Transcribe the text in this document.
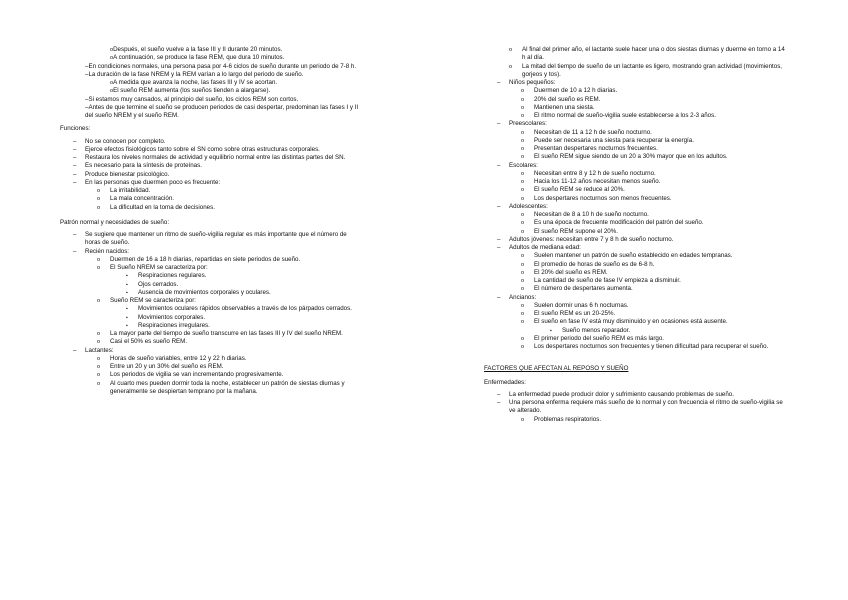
oDespués, el sueño vuelve a la fase III y II durante 20 minutos.
oA continuación, se produce la fase REM, que dura 10 minutos.
–En condiciones normales, una persona pasa por 4-6 ciclos de sueño durante un periodo de 7-8 h.
–La duración de la fase NREM y la REM varían a lo largo del periodo de sueño.
oA medida que avanza la noche, las fases III y IV se acortan.
oEl sueño REM aumenta (los sueños tienden a alargarse).
–Si estamos muy cansados, al principio del sueño, los ciclos REM son cortos.
–Antes de que termine el sueño se producen periodos de casi despertar, predominan las fases I y II del sueño NREM y el sueño REM.
Funciones:
– No se conocen por completo.
– Ejerce efectos fisiológicos tanto sobre el SN como sobre otras estructuras corporales.
– Restaura los niveles normales de actividad y equilibrio normal entre las distintas partes del SN.
– Es necesario para la síntesis de proteínas.
– Produce bienestar psicológico.
– En las personas que duermen poco es frecuente:
o La irritabilidad.
o La mala concentración.
o La dificultad en la toma de decisiones.
Patrón normal y necesidades de sueño:
– Se sugiere que mantener un ritmo de sueño-vigilia regular es más importante que el número de horas de sueño.
– Recién nacidos:
o Duermen de 16 a 18 h diarias, repartidas en siete periodos de sueño.
o El Sueño NREM se caracteriza por:
▪ Respiraciones regulares.
▪ Ojos cerrados.
▪ Ausencia de movimientos corporales y oculares.
o Sueño REM se caracteriza por:
▪ Movimientos oculares rápidos observables a través de los párpados cerrados.
▪ Movimientos corporales.
▪ Respiraciones irregulares.
o La mayor parte del tiempo de sueño transcurre en las fases III y IV del sueño NREM.
o Casi el 50% es sueño REM.
– Lactantes:
o Horas de sueño variables, entre 12 y 22 h diarias.
o Entre un 20 y un 30% del sueño es REM.
o Los periodos de vigilia se van incrementando progresivamente.
o Al cuarto mes pueden dormir toda la noche, establecer un patrón de siestas diurnas y generalmente se despiertan temprano por la mañana.
o Al final del primer año, el lactante suele hacer una o dos siestas diurnas y duerme en torno a 14 h al día.
o La mitad del tiempo de sueño de un lactante es ligero, mostrando gran actividad (movimientos, gorjeos y tos).
– Niños pequeños:
o Duermen de 10 a 12 h diarias.
o 20% del sueño es REM.
o Mantienen una siesta.
o El ritmo normal de sueño-vigilia suele establecerse a los 2-3 años.
– Preescolares:
o Necesitan de 11 a 12 h de sueño nocturno.
o Puede ser necesaria una siesta para recuperar la energía.
o Presentan despertares nocturnos frecuentes.
o El sueño REM sigue siendo de un 20 a 30% mayor que en los adultos.
– Escolares:
o Necesitan entre 8 y 12 h de sueño nocturno.
o Hacia los 11-12 años necesitan menos sueño.
o El sueño REM se reduce al 20%.
o Los despertares nocturnos son menos frecuentes.
– Adolescentes:
o Necesitan de 8 a 10 h de sueño nocturno.
o Es una época de frecuente modificación del patrón del sueño.
o El sueño REM supone el 20%.
– Adultos jóvenes: necesitan entre 7 y 8 h de sueño nocturno.
– Adultos de mediana edad:
o Suelen mantener un patrón de sueño establecido en edades tempranas.
o El promedio de horas de sueño es de 6-8 h.
o El 20% del sueño es REM.
o La cantidad de sueño de fase IV empieza a disminuir.
o El número de despertares aumenta.
– Ancianos:
o Suelen dormir unas 6 h nocturnas.
o El sueño REM es un 20-25%.
o El sueño en fase IV está muy disminuido y en ocasiones está ausente.
▪ Sueño menos reparador.
o El primer periodo del sueño REM es más largo.
o Los despertares nocturnos son frecuentes y tienen dificultad para recuperar el sueño.
FACTORES QUE AFECTAN AL REPOSO Y SUEÑO
Enfermedades:
– La enfermedad puede producir dolor y sufrimiento causando problemas de sueño.
– Una persona enferma requiere más sueño de lo normal y con frecuencia el ritmo de sueño-vigilia se ve alterado.
o Problemas respiratorios.
